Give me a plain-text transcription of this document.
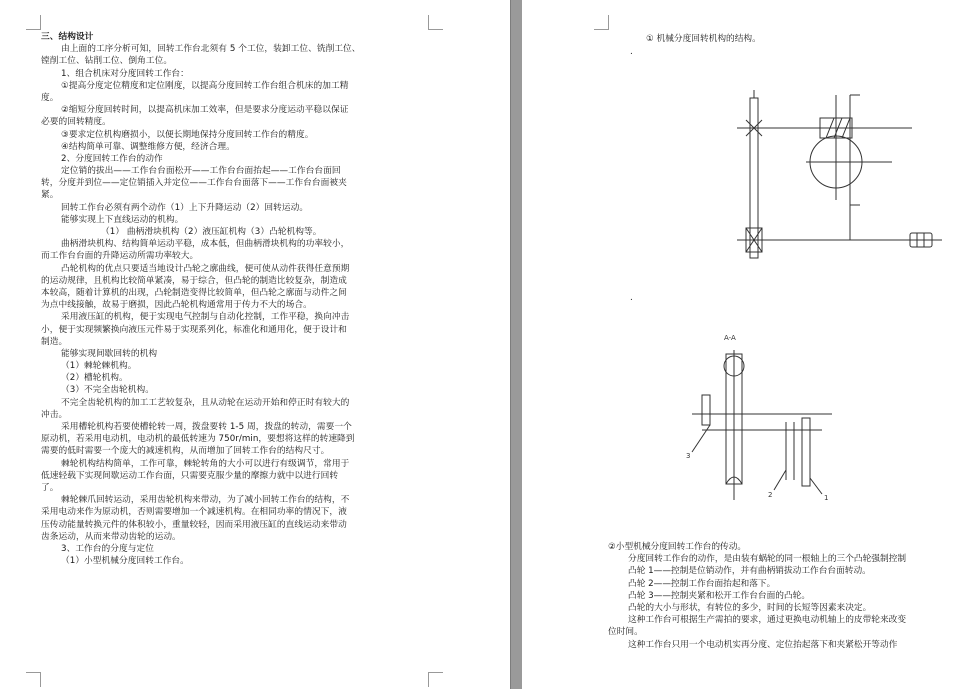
三、结构设计
由上面的工序分析可知，回转工作台北须有 5 个工位，装卸工位、铣削工位、
镗削工位、钻削工位、倒角工位。
1、组合机床对分度回转工作台：
①提高分度定位精度和定位刚度，以提高分度回转工作台组合机床的加工精
度。
②缩短分度回转时间，以提高机床加工效率，但是要求分度运动平稳以保证
必要的回转精度。
③要求定位机构磨损小，以便长期地保持分度回转工作台的精度。
④结构简单可靠、调整维修方便，经济合理。
2、分度回转工作台的动作
定位销的拔出——工作台台面松开——工作台台面抬起——工作台台面回
转，分度并到位——定位销插入并定位——工作台台面落下——工作台台面被夹
紧。
回转工作台必须有两个动作（1）上下升降运动（2）回转运动。
能够实现上下直线运动的机构。
（1） 曲柄滑块机构（2）液压缸机构（3）凸轮机构等。
曲柄滑块机构、结构简单运动平稳，成本低，但曲柄滑块机构的功率较小，
而工作台台面的升降运动所需功率较大。
凸轮机构的优点只要适当地设计凸轮之廓曲线，便可使从动件获得任意预期
的运动规律，且机构比较简单紧凑，易于综合，但凸轮的制造比较复杂，制造成
本较高，随着计算机的出现，凸轮制造变得比较简单，但凸轮之廓面与动件之间
为点中线接触，故易于磨损，因此凸轮机构通常用于传力不大的场合。
采用液压缸的机构，便于实现电气控制与自动化控制，工作平稳，换向冲击
小，便于实现频繁换向液压元件易于实现系列化，标准化和通用化，便于设计和
制造。
能够实现间歇回转的机构
（1）棘轮棘机构。
（2）槽轮机构。
（3）不完全齿轮机构。
不完全齿轮机构的加工工艺较复杂，且从动轮在运动开始和停正时有较大的
冲击。
采用槽轮机构若要使槽轮转一周，拨盘要转 1-5 周，拨盘的转动，需要一个
原动机，若采用电动机，电动机的最低转速为 750r/min，要想将这样的转速降到
需要的低时需要一个庞大的减速机构，从而增加了回转工作台的结构尺寸。
棘轮机构结构简单，工作可靠，棘轮转角的大小可以进行有级调节，常用于
低速轻载下实现间歇运动工作台面，只需要克服少量的摩擦力就中以进行回转
了。
棘轮棘爪回转运动，采用齿轮机构来带动，为了减小回转工作台的结构，不
采用电动来作为原动机，否则需要增加一个减速机构。在相同功率的情况下，液
压传动能量转换元件的体积较小，重量较轻，因而采用液压缸的直线运动来带动
齿条运动，从而来带动齿轮的运动。
3、工作台的分度与定位
（1）小型机械分度回转工作台。
① 机械分度回转机构的结构。
.
.
A-A
3
2	1
②小型机械分度回转工作台的传动。
分度回转工作台的动作，是由装有蜗轮的同一根轴上的三个凸轮强制控制
凸轮 1——控制是位销动作，并有曲柄销拔动工作台台面转动。
凸轮 2——控制工作台面抬起和落下。
凸轮 3——控制夹紧和松开工作台台面的凸轮。
凸轮的大小与形状，有转位的多少，时间的长短等因素来决定。
这种工作台可根据生产需拍的要求，通过更换电动机轴上的皮带轮来改变
位时间。
这种工作台只用一个电动机实再分度、定位抬起落下和夹紧松开等动作
